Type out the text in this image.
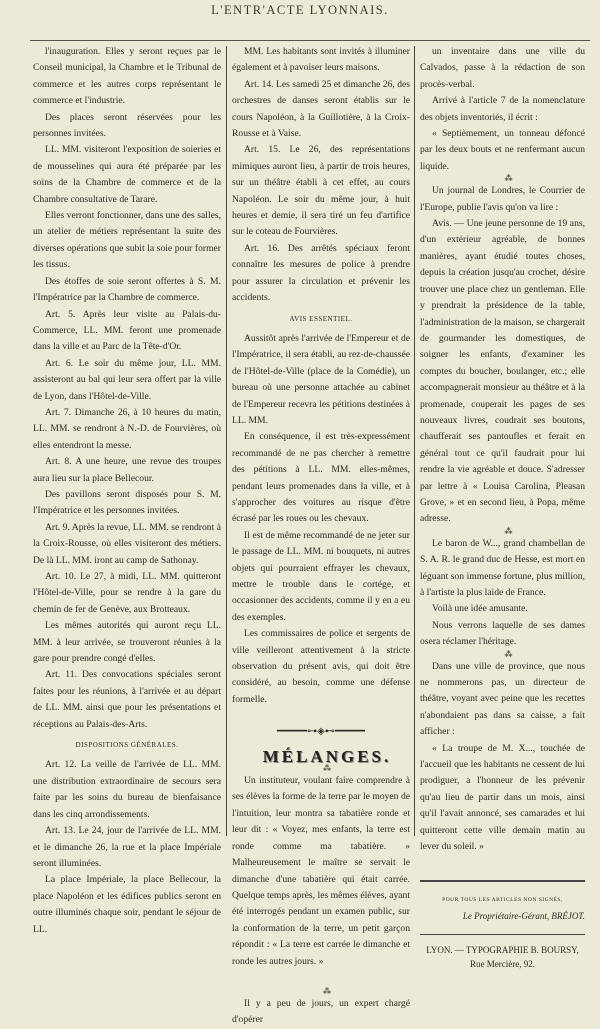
L'ENTR'ACTE LYONNAIS.

l'inauguration. Elles y seront reçues par le Conseil municipal, la Chambre et le Tribunal de commerce et les autres corps représentant le commerce et l'industrie.

Des places seront réservées pour les personnes invitées.

LL. MM. visiteront l'exposition de soieries et de mousselines qui aura été préparée par les soins de la Chambre de commerce et de la Chambre consultative de Tarare.

Elles verront fonctionner, dans une des salles, un atelier de métiers représentant la suite des diverses opérations que subit la soie pour former les tissus.

Des étoffes de soie seront offertes à S. M. l'Impératrice par la Chambre de commerce.

Art. 5. Après leur visite au Palais-du-Commerce, LL. MM. feront une promenade dans la ville et au Parc de la Tête-d'Or.

Art. 6. Le soir du même jour, LL. MM. assisteront au bal qui leur sera offert par la ville de Lyon, dans l'Hôtel-de-Ville.

Art. 7. Dimanche 26, à 10 heures du matin, LL. MM. se rendront à N.-D. de Fourvières, où elles entendront la messe.

Art. 8. A une heure, une revue des troupes aura lieu sur la place Bellecour.

Des pavillons seront disposés pour S. M. l'Impératrice et les personnes invitées.

Art. 9. Après la revue, LL. MM. se rendront à la Croix-Rousse, où elles visiteront des métiers. De là LL. MM. iront au camp de Sathonay.

Art. 10. Le 27, à midi, LL. MM. quitteront l'Hôtel-de-Ville, pour se rendre à la gare du chemin de fer de Genève, aux Brotteaux.

Les mêmes autorités qui auront reçu LL. MM. à leur arrivée, se trouveront réunies à la gare pour prendre congé d'elles.

Art. 11. Des convocations spéciales seront faites pour les réunions, à l'arrivée et au départ de LL. MM. ainsi que pour les présentations et réceptions au Palais-des-Arts.

DISPOSITIONS GÉNÉRALES.

Art. 12. La veille de l'arrivée de LL. MM. une distribution extraordinaire de secours sera faite par les soins du bureau de bienfaisance dans les cinq arrondissements.

Art. 13. Le 24, jour de l'arrivée de LL. MM. et le dimanche 26, la rue et la place Impériale seront illuminées.

La place Impériale, la place Bellecour, la place Napoléon et les édifices publics seront en outre illuminés chaque soir, pendant le séjour de LL.

MM. Les habitants sont invités à illuminer également et à pavoiser leurs maisons.

Art. 14. Les samedi 25 et dimanche 26, des orchestres de danses seront établis sur le cours Napoléon, à la Guillotière, à la Croix-Rousse et à Vaise.

Art. 15. Le 26, des représentations mimiques auront lieu, à partir de trois heures, sur un théâtre établi à cet effet, au cours Napoléon. Le soir du même jour, à huit heures et demie, il sera tiré un feu d'artifice sur le coteau de Fourvières.

Art. 16. Des arrêtés spéciaux feront connaître les mesures de police à prendre pour assurer la circulation et prévenir les accidents.

AVIS ESSENTIEL.

Aussitôt après l'arrivée de l'Empereur et de l'Impératrice, il sera établi, au rez-de-chaussée de l'Hôtel-de-Ville (place de la Comédie), un bureau où une personne attachée au cabinet de l'Empereur recevra les pétitions destinées à LL. MM.

En conséquence, il est très-expressément recommandé de ne pas chercher à remettre des pétitions à LL. MM. elles-mêmes, pendant leurs promenades dans la ville, et à s'approcher des voitures au risque d'être écrasé par les roues ou les chevaux.

Il est de même recommandé de ne jeter sur le passage de LL. MM. ni bouquets, ni autres objets qui pourraient effrayer les chevaux, mettre le trouble dans le cortége, et occasionner des accidents, comme il y en a eu des exemples.

Les commissaires de police et sergents de ville veilleront attentivement à la stricte observation du présent avis, qui doit être considéré, au besoin, comme une défense formelle.

━━━━━⊶◈⊷━━━━━

MÉLANGES.

⁂

Un instituteur, voulant faire comprendre à ses élèves la forme de la terre par le moyen de l'intuition, leur montra sa tabatière ronde et leur dit : « Voyez, mes enfants, la terre est ronde comme ma tabatière. » Malheureusement le maître se servait le dimanche d'une tabatière qui était carrée. Quelque temps après, les mêmes élèves, ayant été interrogés pendant un examen public, sur la conformation de la terre, un petit garçon répondit : « La terre est carrée le dimanche et ronde les autres jours. »

⁂

Il y a peu de jours, un expert chargé d'opérer

un inventaire dans une ville du Calvados, passe à la rédaction de son procès-verbal.

Arrivé à l'article 7 de la nomenclature des objets inventoriés, il écrit :

« Septièmement, un tonneau défoncé par les deux bouts et ne renfermant aucun liquide.

⁂

Un journal de Londres, le Courrier de l'Europe, publie l'avis qu'on va lire :

Avis. — Une jeune personne de 19 ans, d'un extérieur agréable, de bonnes manières, ayant étudié toutes choses, depuis la création jusqu'au crochet, désire trouver une place chez un gentleman. Elle y prendrait la présidence de la table, l'administration de la maison, se chargerait de gourmander les domestiques, de soigner les enfants, d'examiner les comptes du boucher, boulanger, etc.; elle accompagnerait monsieur au théâtre et à la promenade, couperait les pages de ses nouveaux livres, coudrait ses boutons, chaufferait ses pantoufles et ferait en général tout ce qu'il faudrait pour lui rendre la vie agréable et douce. S'adresser par lettre à « Louisa Carolina, Pleasan Grove, » et en second lieu, à Popa, même adresse.

⁂

Le baron de W..., grand chambellan de S. A. R. le grand duc de Hesse, est mort en léguant son immense fortune, plus million, à l'artiste la plus laide de France.

Voilà une idée amusante.

Nous verrons laquelle de ses dames osera réclamer l'héritage.

⁂

Dans une ville de province, que nous ne nommerons pas, un directeur de théâtre, voyant avec peine que les recettes n'abondaient pas dans sa caisse, a fait afficher :

« La troupe de M. X..., touchée de l'accueil que les habitants ne cessent de lui prodiguer, a l'honneur de les prévenir qu'au lieu de partir dans un mois, ainsi qu'il l'avait annoncé, ses camarades et lui quitteront cette ville demain matin au lever du soleil. »

POUR TOUS LES ARTICLES NON SIGNÉS,

Le Propriétaire-Gérant, BRÉJOT.

LYON. — TYPOGRAPHIE B. BOURSY,

Rue Mercière, 92.
